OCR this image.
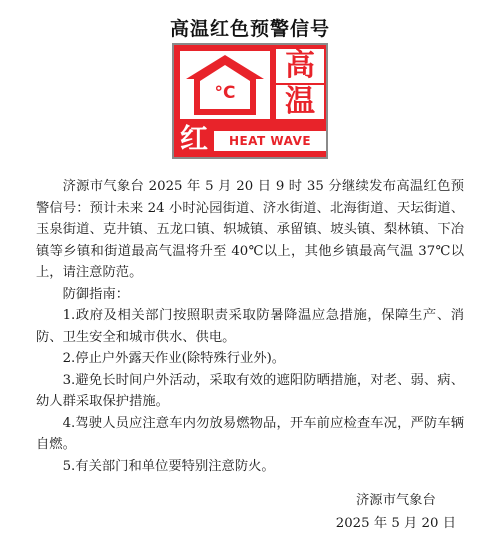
高温红色预警信号
°C
高
温
红	HEAT WAVE

济源市气象台 2025 年 5 月 20 日 9 时 35 分继续发布高温红色预警信号：预计未来 24 小时沁园街道、济水街道、北海街道、天坛街道、玉泉街道、克井镇、五龙口镇、轵城镇、承留镇、坡头镇、梨林镇、下冶镇等乡镇和街道最高气温将升至 40℃以上，其他乡镇最高气温 37℃以上，请注意防范。

防御指南：

1.政府及相关部门按照职责采取防暑降温应急措施，保障生产、消防、卫生安全和城市供水、供电。

2.停止户外露天作业(除特殊行业外)。

3.避免长时间户外活动，采取有效的遮阳防晒措施，对老、弱、病、幼人群采取保护措施。

4.驾驶人员应注意车内勿放易燃物品，开车前应检查车况，严防车辆自燃。

5.有关部门和单位要特别注意防火。

济源市气象台
2025 年 5 月 20 日
